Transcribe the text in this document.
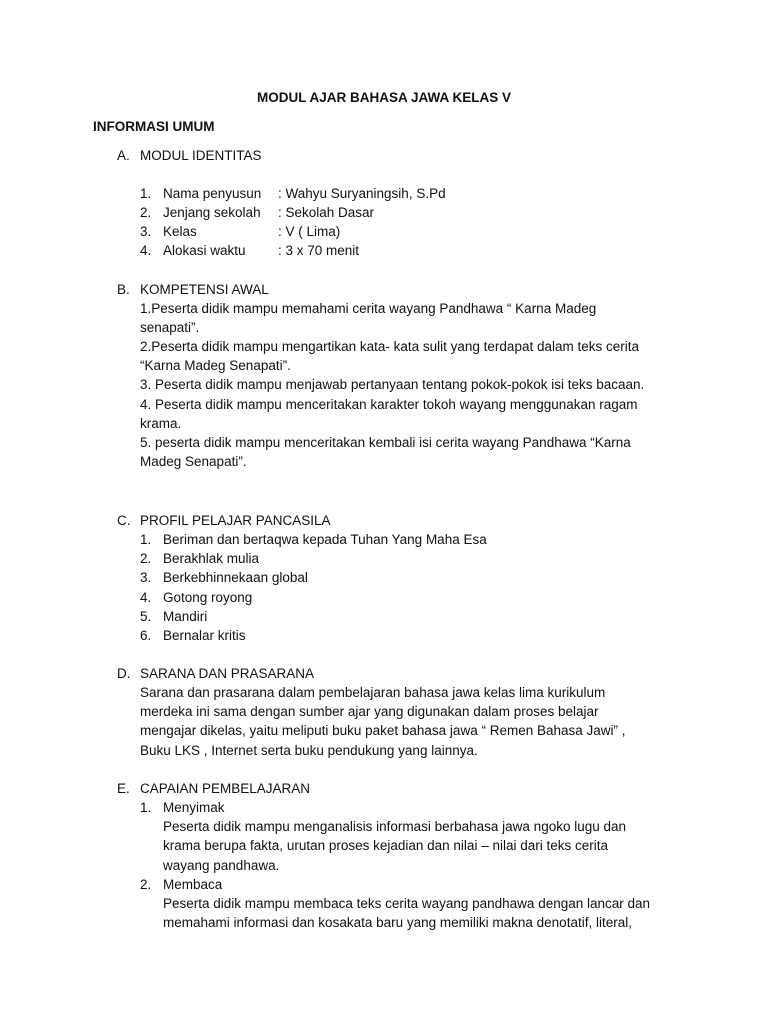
MODUL AJAR BAHASA JAWA KELAS V
INFORMASI UMUM
A. MODUL IDENTITAS
1. Nama penyusun : Wahyu Suryaningsih, S.Pd
2. Jenjang sekolah : Sekolah Dasar
3. Kelas	: V ( Lima)
4. Alokasi waktu : 3 x 70 menit
B. KOMPETENSI AWAL
1.Peserta didik mampu memahami cerita wayang Pandhawa “ Karna Madeg
senapati”.
2.Peserta didik mampu mengartikan kata- kata sulit yang terdapat dalam teks cerita
“Karna Madeg Senapati”.
3. Peserta didik mampu menjawab pertanyaan tentang pokok-pokok isi teks bacaan.
4. Peserta didik mampu menceritakan karakter tokoh wayang menggunakan ragam
krama.
5. peserta didik mampu menceritakan kembali isi cerita wayang Pandhawa “Karna
Madeg Senapati”.
C. PROFIL PELAJAR PANCASILA
1. Beriman dan bertaqwa kepada Tuhan Yang Maha Esa
2. Berakhlak mulia
3. Berkebhinnekaan global
4. Gotong royong
5. Mandiri
6. Bernalar kritis
D. SARANA DAN PRASARANA
Sarana dan prasarana dalam pembelajaran bahasa jawa kelas lima kurikulum
merdeka ini sama dengan sumber ajar yang digunakan dalam proses belajar
mengajar dikelas, yaitu meliputi buku paket bahasa jawa “ Remen Bahasa Jawi” ,
Buku LKS , Internet serta buku pendukung yang lainnya.
E. CAPAIAN PEMBELAJARAN
1. Menyimak
Peserta didik mampu menganalisis informasi berbahasa jawa ngoko lugu dan
krama berupa fakta, urutan proses kejadian dan nilai – nilai dari teks cerita
wayang pandhawa.
2. Membaca
Peserta didik mampu membaca teks cerita wayang pandhawa dengan lancar dan
memahami informasi dan kosakata baru yang memiliki makna denotatif, literal,
